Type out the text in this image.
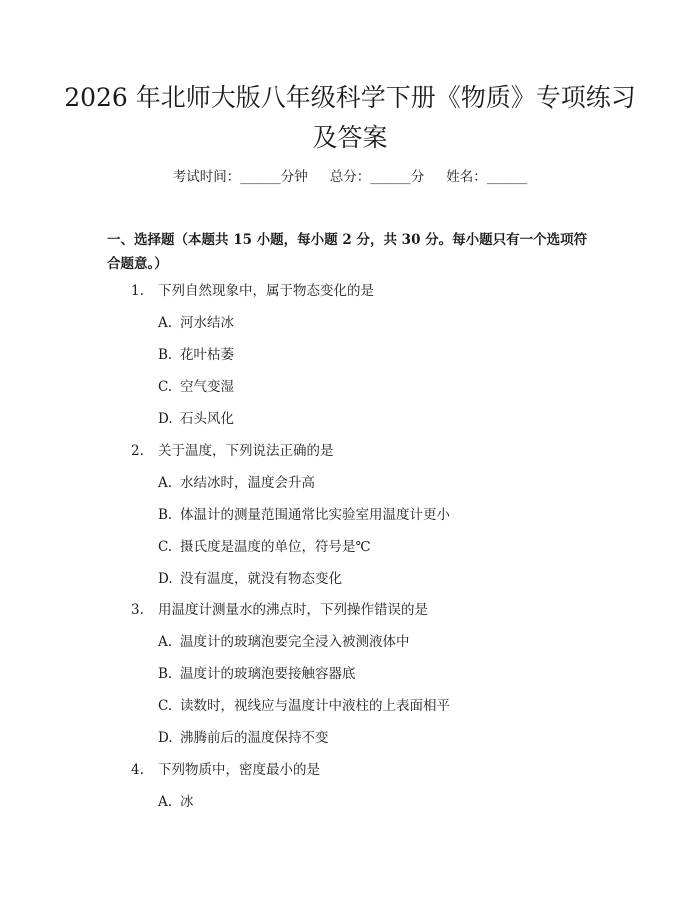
2026 年北师大版八年级科学下册《物质》专项练习及答案
考试时间：______分钟 总分：______分 姓名：______

一、选择题（本题共 15 小题，每小题 2 分，共 30 分。每小题只有一个选项符合题意。）

1. 下列自然现象中，属于物态变化的是
A. 河水结冰
B. 花叶枯萎
C. 空气变湿
D. 石头风化
2. 关于温度，下列说法正确的是
A. 水结冰时，温度会升高
B. 体温计的测量范围通常比实验室用温度计更小
C. 摄氏度是温度的单位，符号是℃
D. 没有温度，就没有物态变化
3. 用温度计测量水的沸点时，下列操作错误的是
A. 温度计的玻璃泡要完全浸入被测液体中
B. 温度计的玻璃泡要接触容器底
C. 读数时，视线应与温度计中液柱的上表面相平
D. 沸腾前后的温度保持不变
4. 下列物质中，密度最小的是
A. 冰
